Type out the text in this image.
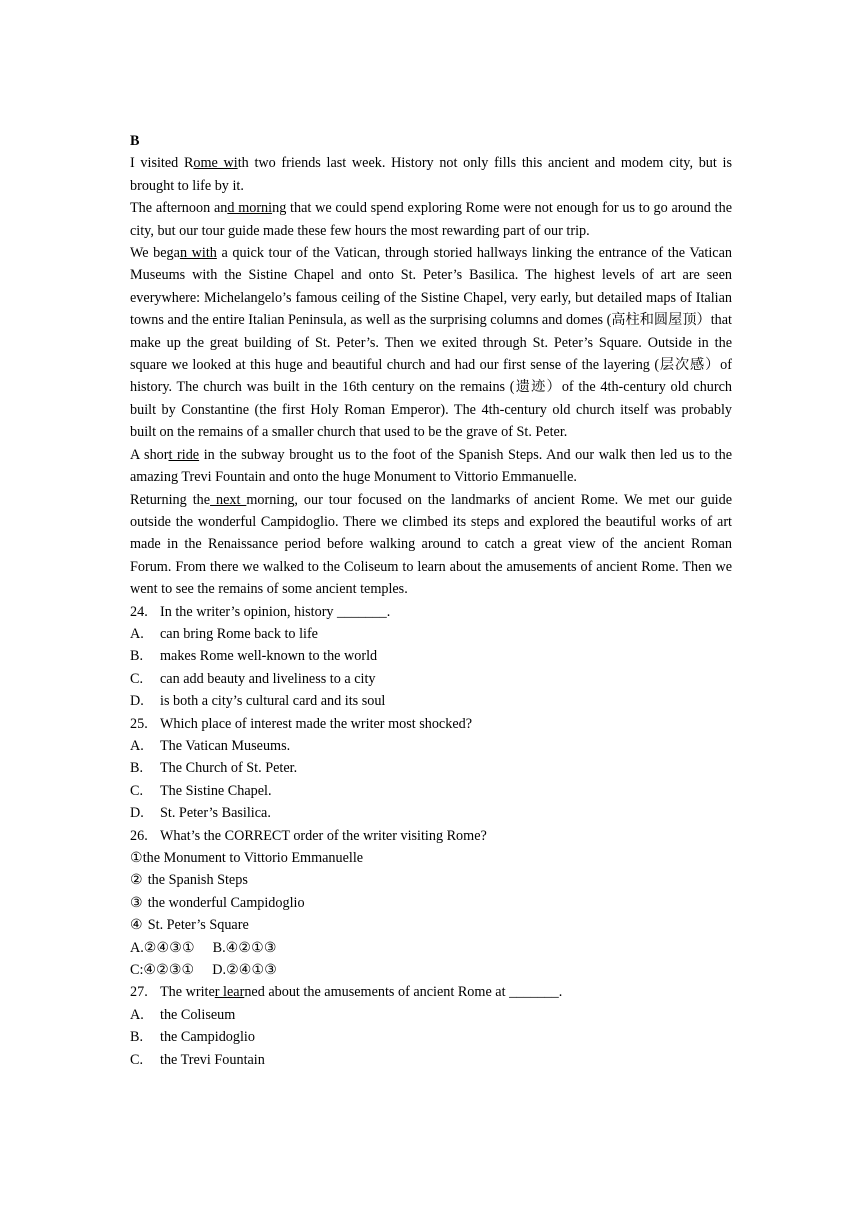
B
I visited Rome with two friends last week. History not only fills this ancient and modem city, but is brought to life by it.
The afternoon and morning that we could spend exploring Rome were not enough for us to go around the city, but our tour guide made these few hours the most rewarding part of our trip.
We began with a quick tour of the Vatican, through storied hallways linking the entrance of the Vatican Museums with the Sistine Chapel and onto St. Peter’s Basilica. The highest levels of art are seen everywhere: Michelangelo’s famous ceiling of the Sistine Chapel, very early, but detailed maps of Italian towns and the entire Italian Peninsula, as well as the surprising columns and domes (高柱和圆屋顶）that make up the great building of St. Peter’s. Then we exited through St. Peter’s Square. Outside in the square we looked at this huge and beautiful church and had our first sense of the layering (层次感）of history. The church was built in the 16th century on the remains (遗迹）of the 4th-century old church built by Constantine (the first Holy Roman Emperor). The 4th-century old church itself was probably built on the remains of a smaller church that used to be the grave of St. Peter.
A short ride in the subway brought us to the foot of the Spanish Steps. And our walk then led us to the amazing Trevi Fountain and onto the huge Monument to Vittorio Emmanuelle.
Returning the next morning, our tour focused on the landmarks of ancient Rome. We met our guide outside the wonderful Campidoglio. There we climbed its steps and explored the beautiful works of art made in the Renaissance period before walking around to catch a great view of the ancient Roman Forum. From there we walked to the Coliseum to learn about the amusements of ancient Rome. Then we went to see the remains of some ancient temples.
24. In the writer’s opinion, history _______.
A.	can bring Rome back to life
B.	makes Rome well-known to the world
C.	can add beauty and liveliness to a city
D.	is both a city’s cultural card and its soul
25. Which place of interest made the writer most shocked?
A.	The Vatican Museums.
B.	The Church of St. Peter.
C.	The Sistine Chapel.
D.	St. Peter’s Basilica.
26. What’s the CORRECT order of the writer visiting Rome?
①the Monument to Vittorio Emmanuelle
② the Spanish Steps
③ the wonderful Campidoglio
④ St. Peter’s Square
A.②④③① B.④②①③
C:④②③① D.②④①③
27. The writer learned about the amusements of ancient Rome at _______.
A.	the Coliseum
B.	the Campidoglio
C.	the Trevi Fountain
